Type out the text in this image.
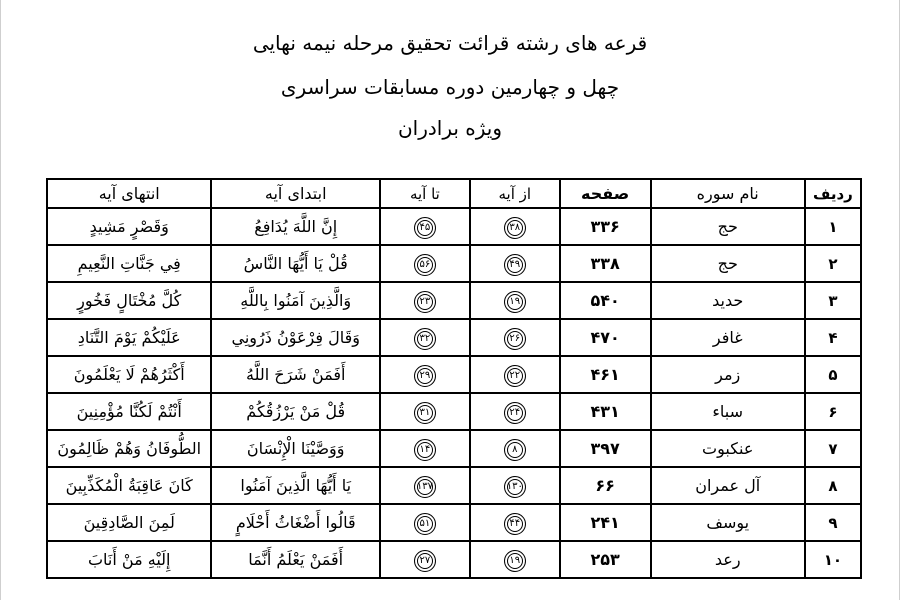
قرعه های رشته قرائت تحقیق مرحله نیمه نهایی
چهل و چهارمین دوره مسابقات سراسری
ویژه برادران
ردیف	نام سوره	صفحه	از آیه	تا آیه	ابتدای آیه	انتهای آیه
۱	حج	۳۳۶	۳۸	۴۵	إِنَّ اللَّهَ يُدَافِعُ	وَقَصْرٍ مَشِيدٍ
۲	حج	۳۳۸	۴۹	۵۶	قُلْ يَا أَيُّهَا النَّاسُ	فِي جَنَّاتِ النَّعِيمِ
۳	حدید	۵۴۰	۱۹	۲۳	وَالَّذِينَ آمَنُوا بِاللَّهِ	كُلَّ مُخْتَالٍ فَخُورٍ
۴	غافر	۴۷۰	۲۶	۳۲	وَقَالَ فِرْعَوْنُ ذَرُونِي	عَلَيْكُمْ يَوْمَ التَّنَادِ
۵	زمر	۴۶۱	۲۲	۲۹	أَفَمَنْ شَرَحَ اللَّهُ	أَكْثَرُهُمْ لَا يَعْلَمُونَ
۶	سباء	۴۳۱	۲۴	۳۱	قُلْ مَنْ يَرْزُقُكُمْ	أَنْتُمْ لَكُنَّا مُؤْمِنِينَ
۷	عنکبوت	۳۹۷	۸	۱۴	وَوَصَّيْنَا الْإِنْسَانَ	الطُّوفَانُ وَهُمْ ظَالِمُونَ
۸	آل عمران	۶۶	۱۳۰	۱۳۷	يَا أَيُّهَا الَّذِينَ آمَنُوا	كَانَ عَاقِبَةُ الْمُكَذِّبِينَ
۹	یوسف	۲۴۱	۴۴	۵۱	قَالُوا أَضْغَاثُ أَحْلَامٍ	لَمِنَ الصَّادِقِينَ
۱۰	رعد	۲۵۳	۱۹	۲۷	أَفَمَنْ يَعْلَمُ أَنَّمَا	إِلَيْهِ مَنْ أَنَابَ
